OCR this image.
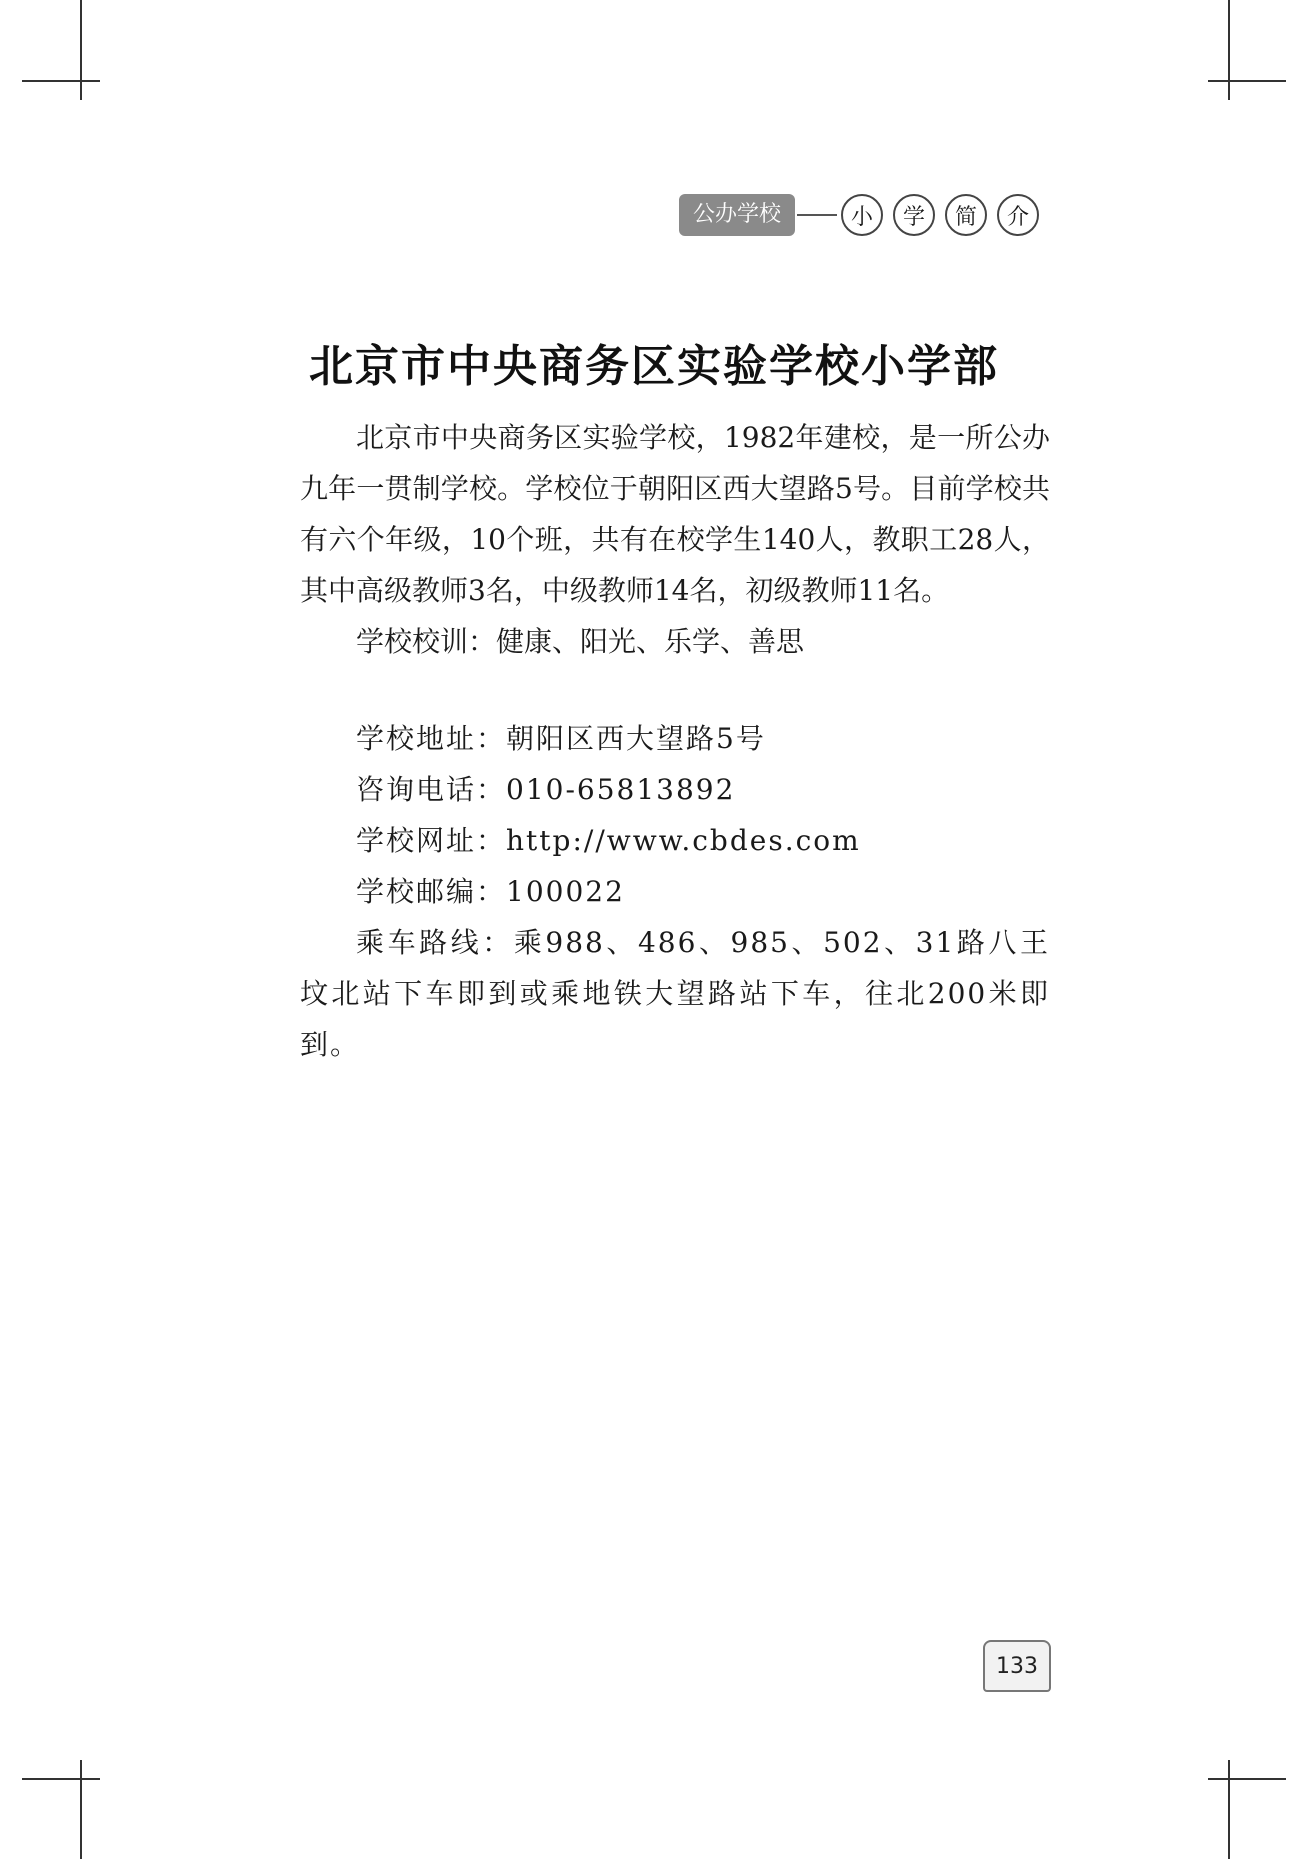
公办学校	小	学	简	介
北京市中央商务区实验学校小学部

北京市中央商务区实验学校，1982年建校，是一所公办九年一贯制学校。学校位于朝阳区西大望路5号。目前学校共有六个年级，10个班，共有在校学生140人，教职工28人，其中高级教师3名，中级教师14名，初级教师11名。

学校校训：健康、阳光、乐学、善思

学校地址：朝阳区西大望路5号

咨询电话：010-65813892

学校网址：http://www.cbdes.com

学校邮编：100022

乘车路线：乘988、486、985、502、31路八王坟北站下车即到或乘地铁大望路站下车，往北200米即到。

133
